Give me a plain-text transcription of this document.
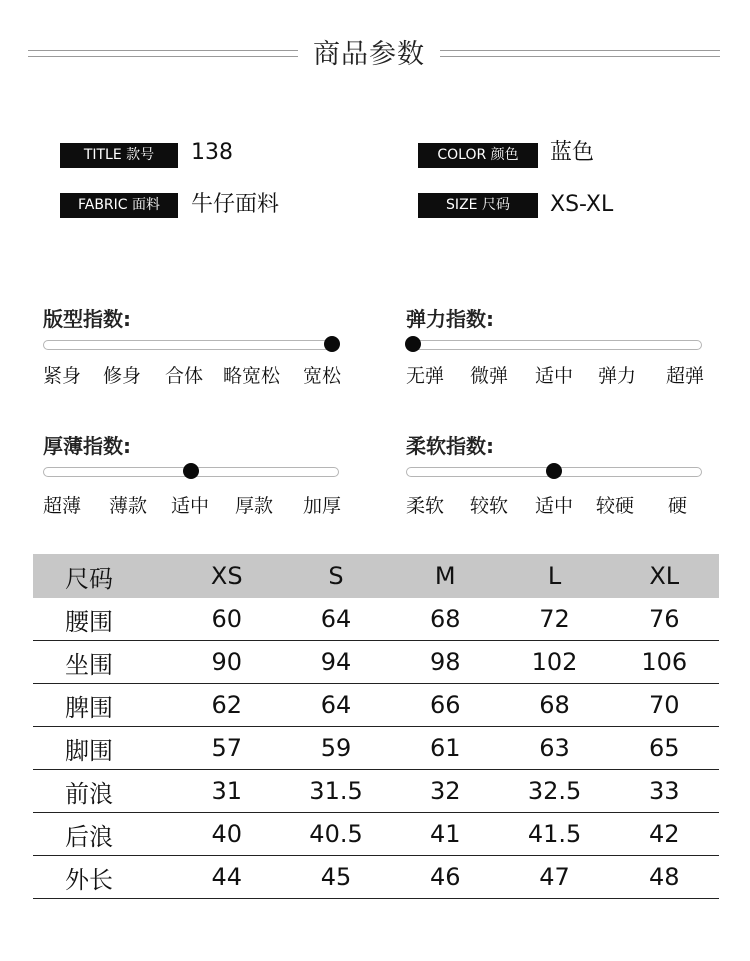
商品参数
TITLE 款号	138	COLOR 颜色	蓝色
FABRIC 面料	牛仔面料	SIZE 尺码	XS-XL
版型指数:
紧身 修身 合体 略宽松 宽松
弹力指数:
无弹 微弹 适中 弹力 超弹
厚薄指数:
超薄 薄款 适中 厚款 加厚
柔软指数:
柔软 较软 适中 较硬 硬
尺码	XS	S	M	L	XL
腰围	60	64	68	72	76
坐围	90	94	98	102	106
脾围	62	64	66	68	70
脚围	57	59	61	63	65
前浪	31	31.5	32	32.5	33
后浪	40	40.5	41	41.5	42
外长	44	45	46	47	48
